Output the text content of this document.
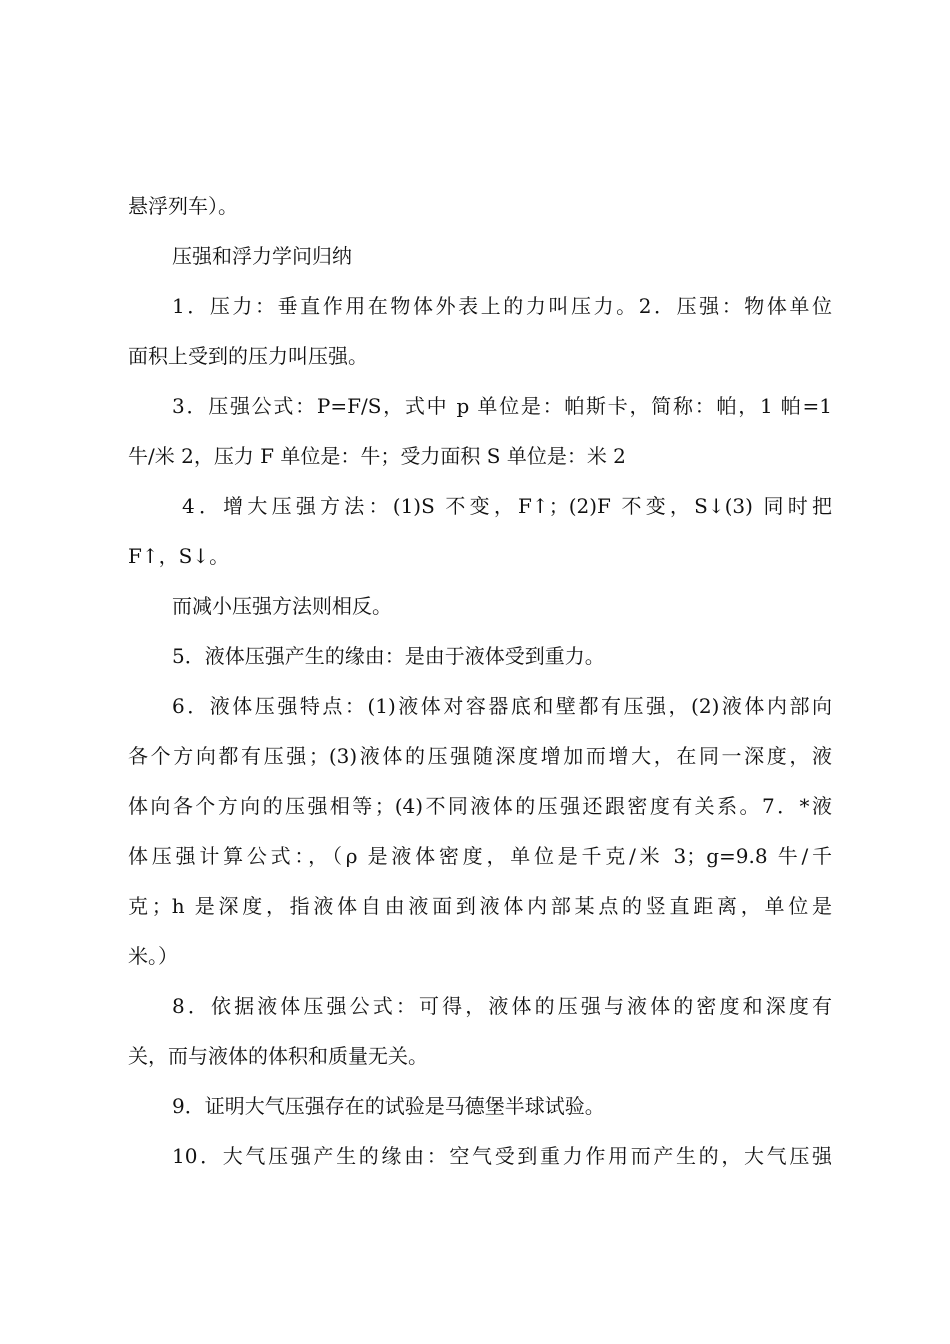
悬浮列车）。
压强和浮力学问归纳
1．压力：垂直作用在物体外表上的力叫压力。2．压强：物体单位
面积上受到的压力叫压强。
3．压强公式：P=F/S，式中 p 单位是：帕斯卡，简称：帕，1 帕=1
牛/米 2，压力 F 单位是：牛；受力面积 S 单位是：米 2
4．增大压强方法：(1)S 不变，F↑；(2)F 不变，S↓(3) 同时把
F↑，S↓。
而减小压强方法则相反。
5．液体压强产生的缘由：是由于液体受到重力。
6．液体压强特点：(1)液体对容器底和壁都有压强，(2)液体内部向
各个方向都有压强；(3)液体的压强随深度增加而增大，在同一深度，液
体向各个方向的压强相等；(4)不同液体的压强还跟密度有关系。7．*液
体压强计算公式：，（ρ 是液体密度，单位是千克/米 3；g=9.8 牛/千
克；h 是深度，指液体自由液面到液体内部某点的竖直距离，单位是
米。）
8．依据液体压强公式：可得，液体的压强与液体的密度和深度有
关，而与液体的体积和质量无关。
9．证明大气压强存在的试验是马德堡半球试验。
10．大气压强产生的缘由：空气受到重力作用而产生的，大气压强
